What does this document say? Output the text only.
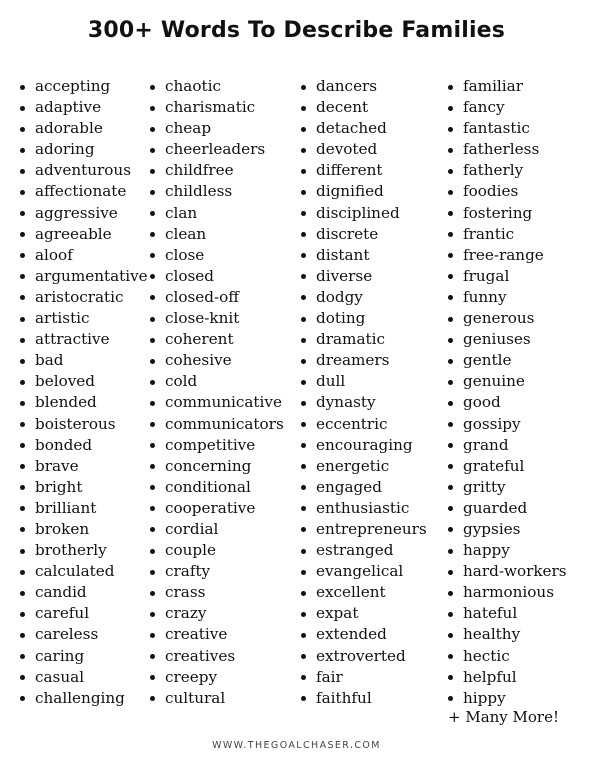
300+ Words To Describe Families
accepting
adaptive
adorable
adoring
adventurous
affectionate
aggressive
agreeable
aloof
argumentative
aristocratic
artistic
attractive
bad
beloved
blended
boisterous
bonded
brave
bright
brilliant
broken
brotherly
calculated
candid
careful
careless
caring
casual
challenging
chaotic
charismatic
cheap
cheerleaders
childfree
childless
clan
clean
close
closed
closed-off
close-knit
coherent
cohesive
cold
communicative
communicators
competitive
concerning
conditional
cooperative
cordial
couple
crafty
crass
crazy
creative
creatives
creepy
cultural
dancers
decent
detached
devoted
different
dignified
disciplined
discrete
distant
diverse
dodgy
doting
dramatic
dreamers
dull
dynasty
eccentric
encouraging
energetic
engaged
enthusiastic
entrepreneurs
estranged
evangelical
excellent
expat
extended
extroverted
fair
faithful
familiar
fancy
fantastic
fatherless
fatherly
foodies
fostering
frantic
free-range
frugal
funny
generous
geniuses
gentle
genuine
good
gossipy
grand
grateful
gritty
guarded
gypsies
happy
hard-workers
harmonious
hateful
healthy
hectic
helpful
hippy
+ Many More!
WWW.THEGOALCHASER.COM
